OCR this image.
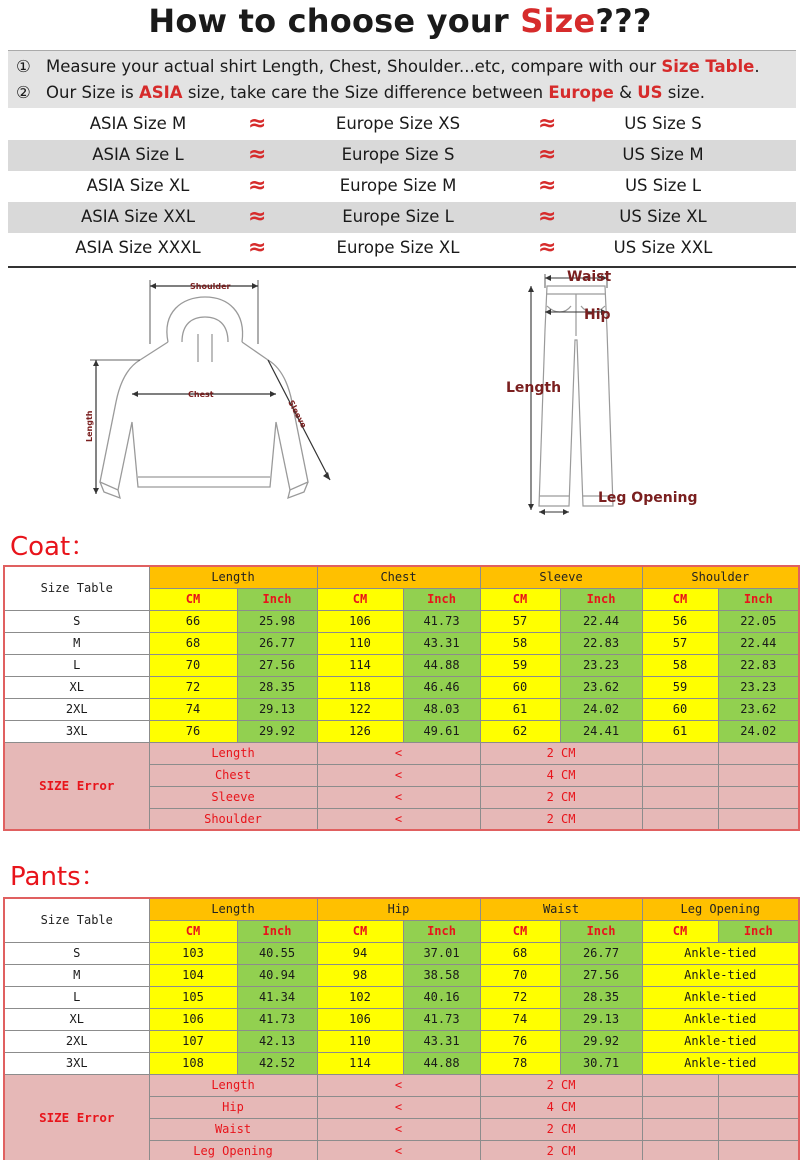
How to choose your Size???
① Measure your actual shirt Length, Chest, Shoulder...etc, compare with our Size Table.
② Our Size is ASIA size, take care the Size difference between Europe & US size.
ASIA Size M	≈	Europe Size XS	≈	US Size S
ASIA Size L	≈	Europe Size S	≈	US Size M
ASIA Size XL	≈	Europe Size M	≈	US Size L
ASIA Size XXL	≈	Europe Size L	≈	US Size XL
ASIA Size XXXL	≈	Europe Size XL	≈	US Size XXL
Shoulder
Chest
Length	Sleeve
Waist
Hip
Length
Leg Opening
Coat：
Size Table	Length		Chest		Sleeve		Shoulder	
	CM	Inch	CM	Inch	CM	Inch	CM	Inch
S	66	25.98	106	41.73	57	22.44	56	22.05
M	68	26.77	110	43.31	58	22.83	57	22.44
L	70	27.56	114	44.88	59	23.23	58	22.83
XL	72	28.35	118	46.46	60	23.62	59	23.23
2XL	74	29.13	122	48.03	61	24.02	60	23.62
3XL	76	29.92	126	49.61	62	24.41	61	24.02
SIZE Error	Length		<		2 CM			
	Chest		<		4 CM			
	Sleeve		<		2 CM			
	Shoulder		<		2 CM			
Pants：
Size Table	Length		Hip		Waist		Leg Opening	
	CM	Inch	CM	Inch	CM	Inch	CM	Inch
S	103	40.55	94	37.01	68	26.77	Ankle-tied	
M	104	40.94	98	38.58	70	27.56	Ankle-tied	
L	105	41.34	102	40.16	72	28.35	Ankle-tied	
XL	106	41.73	106	41.73	74	29.13	Ankle-tied	
2XL	107	42.13	110	43.31	76	29.92	Ankle-tied	
3XL	108	42.52	114	44.88	78	30.71	Ankle-tied	
SIZE Error	Length		<		2 CM			
	Hip		<		4 CM			
	Waist		<		2 CM			
	Leg Opening		<		2 CM			
